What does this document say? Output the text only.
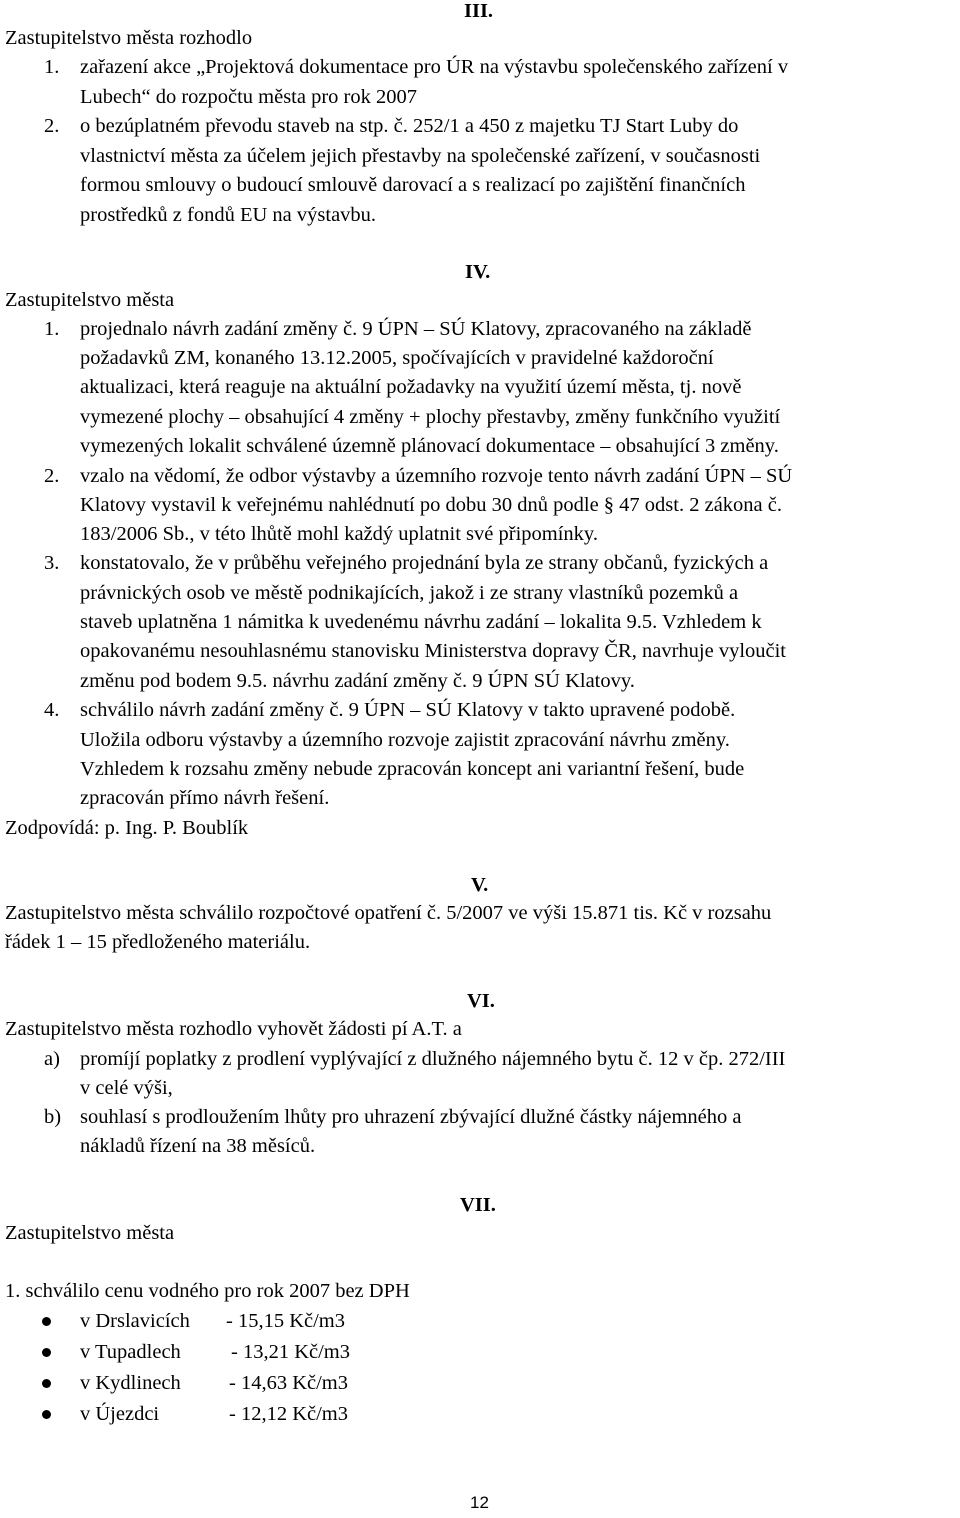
III.
Zastupitelstvo města rozhodlo
1. zařazení akce „Projektová dokumentace pro ÚR na výstavbu společenského zařízení v
Lubech“ do rozpočtu města pro rok 2007
2. o bezúplatném převodu staveb na stp. č. 252/1 a 450 z majetku TJ Start Luby do
vlastnictví města za účelem jejich přestavby na společenské zařízení, v současnosti
formou smlouvy o budoucí smlouvě darovací a s realizací po zajištění finančních
prostředků z fondů EU na výstavbu.
IV.
Zastupitelstvo města
1. projednalo návrh zadání změny č. 9 ÚPN – SÚ Klatovy, zpracovaného na základě
požadavků ZM, konaného 13.12.2005, spočívajících v pravidelné každoroční
aktualizaci, která reaguje na aktuální požadavky na využití území města, tj. nově
vymezené plochy – obsahující 4 změny + plochy přestavby, změny funkčního využití
vymezených lokalit schválené územně plánovací dokumentace – obsahující 3 změny.
2. vzalo na vědomí, že odbor výstavby a územního rozvoje tento návrh zadání ÚPN – SÚ
Klatovy vystavil k veřejnému nahlédnutí po dobu 30 dnů podle § 47 odst. 2 zákona č.
183/2006 Sb., v této lhůtě mohl každý uplatnit své připomínky.
3. konstatovalo, že v průběhu veřejného projednání byla ze strany občanů, fyzických a
právnických osob ve městě podnikajících, jakož i ze strany vlastníků pozemků a
staveb uplatněna 1 námitka k uvedenému návrhu zadání – lokalita 9.5. Vzhledem k
opakovanému nesouhlasnému stanovisku Ministerstva dopravy ČR, navrhuje vyloučit
změnu pod bodem 9.5. návrhu zadání změny č. 9 ÚPN SÚ Klatovy.
4. schválilo návrh zadání změny č. 9 ÚPN – SÚ Klatovy v takto upravené podobě.
Uložila odboru výstavby a územního rozvoje zajistit zpracování návrhu změny.
Vzhledem k rozsahu změny nebude zpracován koncept ani variantní řešení, bude
zpracován přímo návrh řešení.
Zodpovídá: p. Ing. P. Boublík
V.
Zastupitelstvo města schválilo rozpočtové opatření č. 5/2007 ve výši 15.871 tis. Kč v rozsahu
řádek 1 – 15 předloženého materiálu.
VI.
Zastupitelstvo města rozhodlo vyhovět žádosti pí A.T. a
a) promíjí poplatky z prodlení vyplývající z dlužného nájemného bytu č. 12 v čp. 272/III
v celé výši,
b) souhlasí s prodloužením lhůty pro uhrazení zbývající dlužné částky nájemného a
nákladů řízení na 38 měsíců.
VII.
Zastupitelstvo města
1. schválilo cenu vodného pro rok 2007 bez DPH
v Drslavicích - 15,15 Kč/m3
v Tupadlech - 13,21 Kč/m3
v Kydlinech - 14,63 Kč/m3
v Újezdci	- 12,12 Kč/m3
12
